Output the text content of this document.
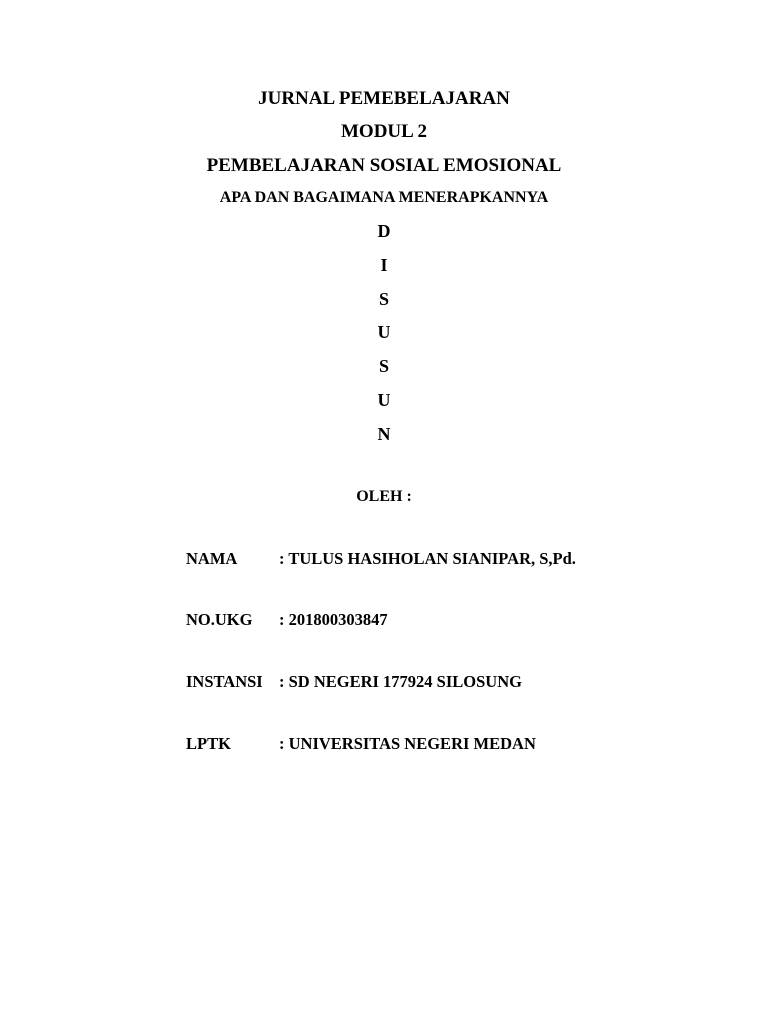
JURNAL PEMEBELAJARAN
MODUL 2
PEMBELAJARAN SOSIAL EMOSIONAL
APA DAN BAGAIMANA MENERAPKANNYA
D
I
S
U
S
U
N
OLEH :
NAMA	: TULUS HASIHOLAN SIANIPAR, S,Pd.
NO.UKG : 201800303847
INSTANSI : SD NEGERI 177924 SILOSUNG
LPTK	: UNIVERSITAS NEGERI MEDAN
